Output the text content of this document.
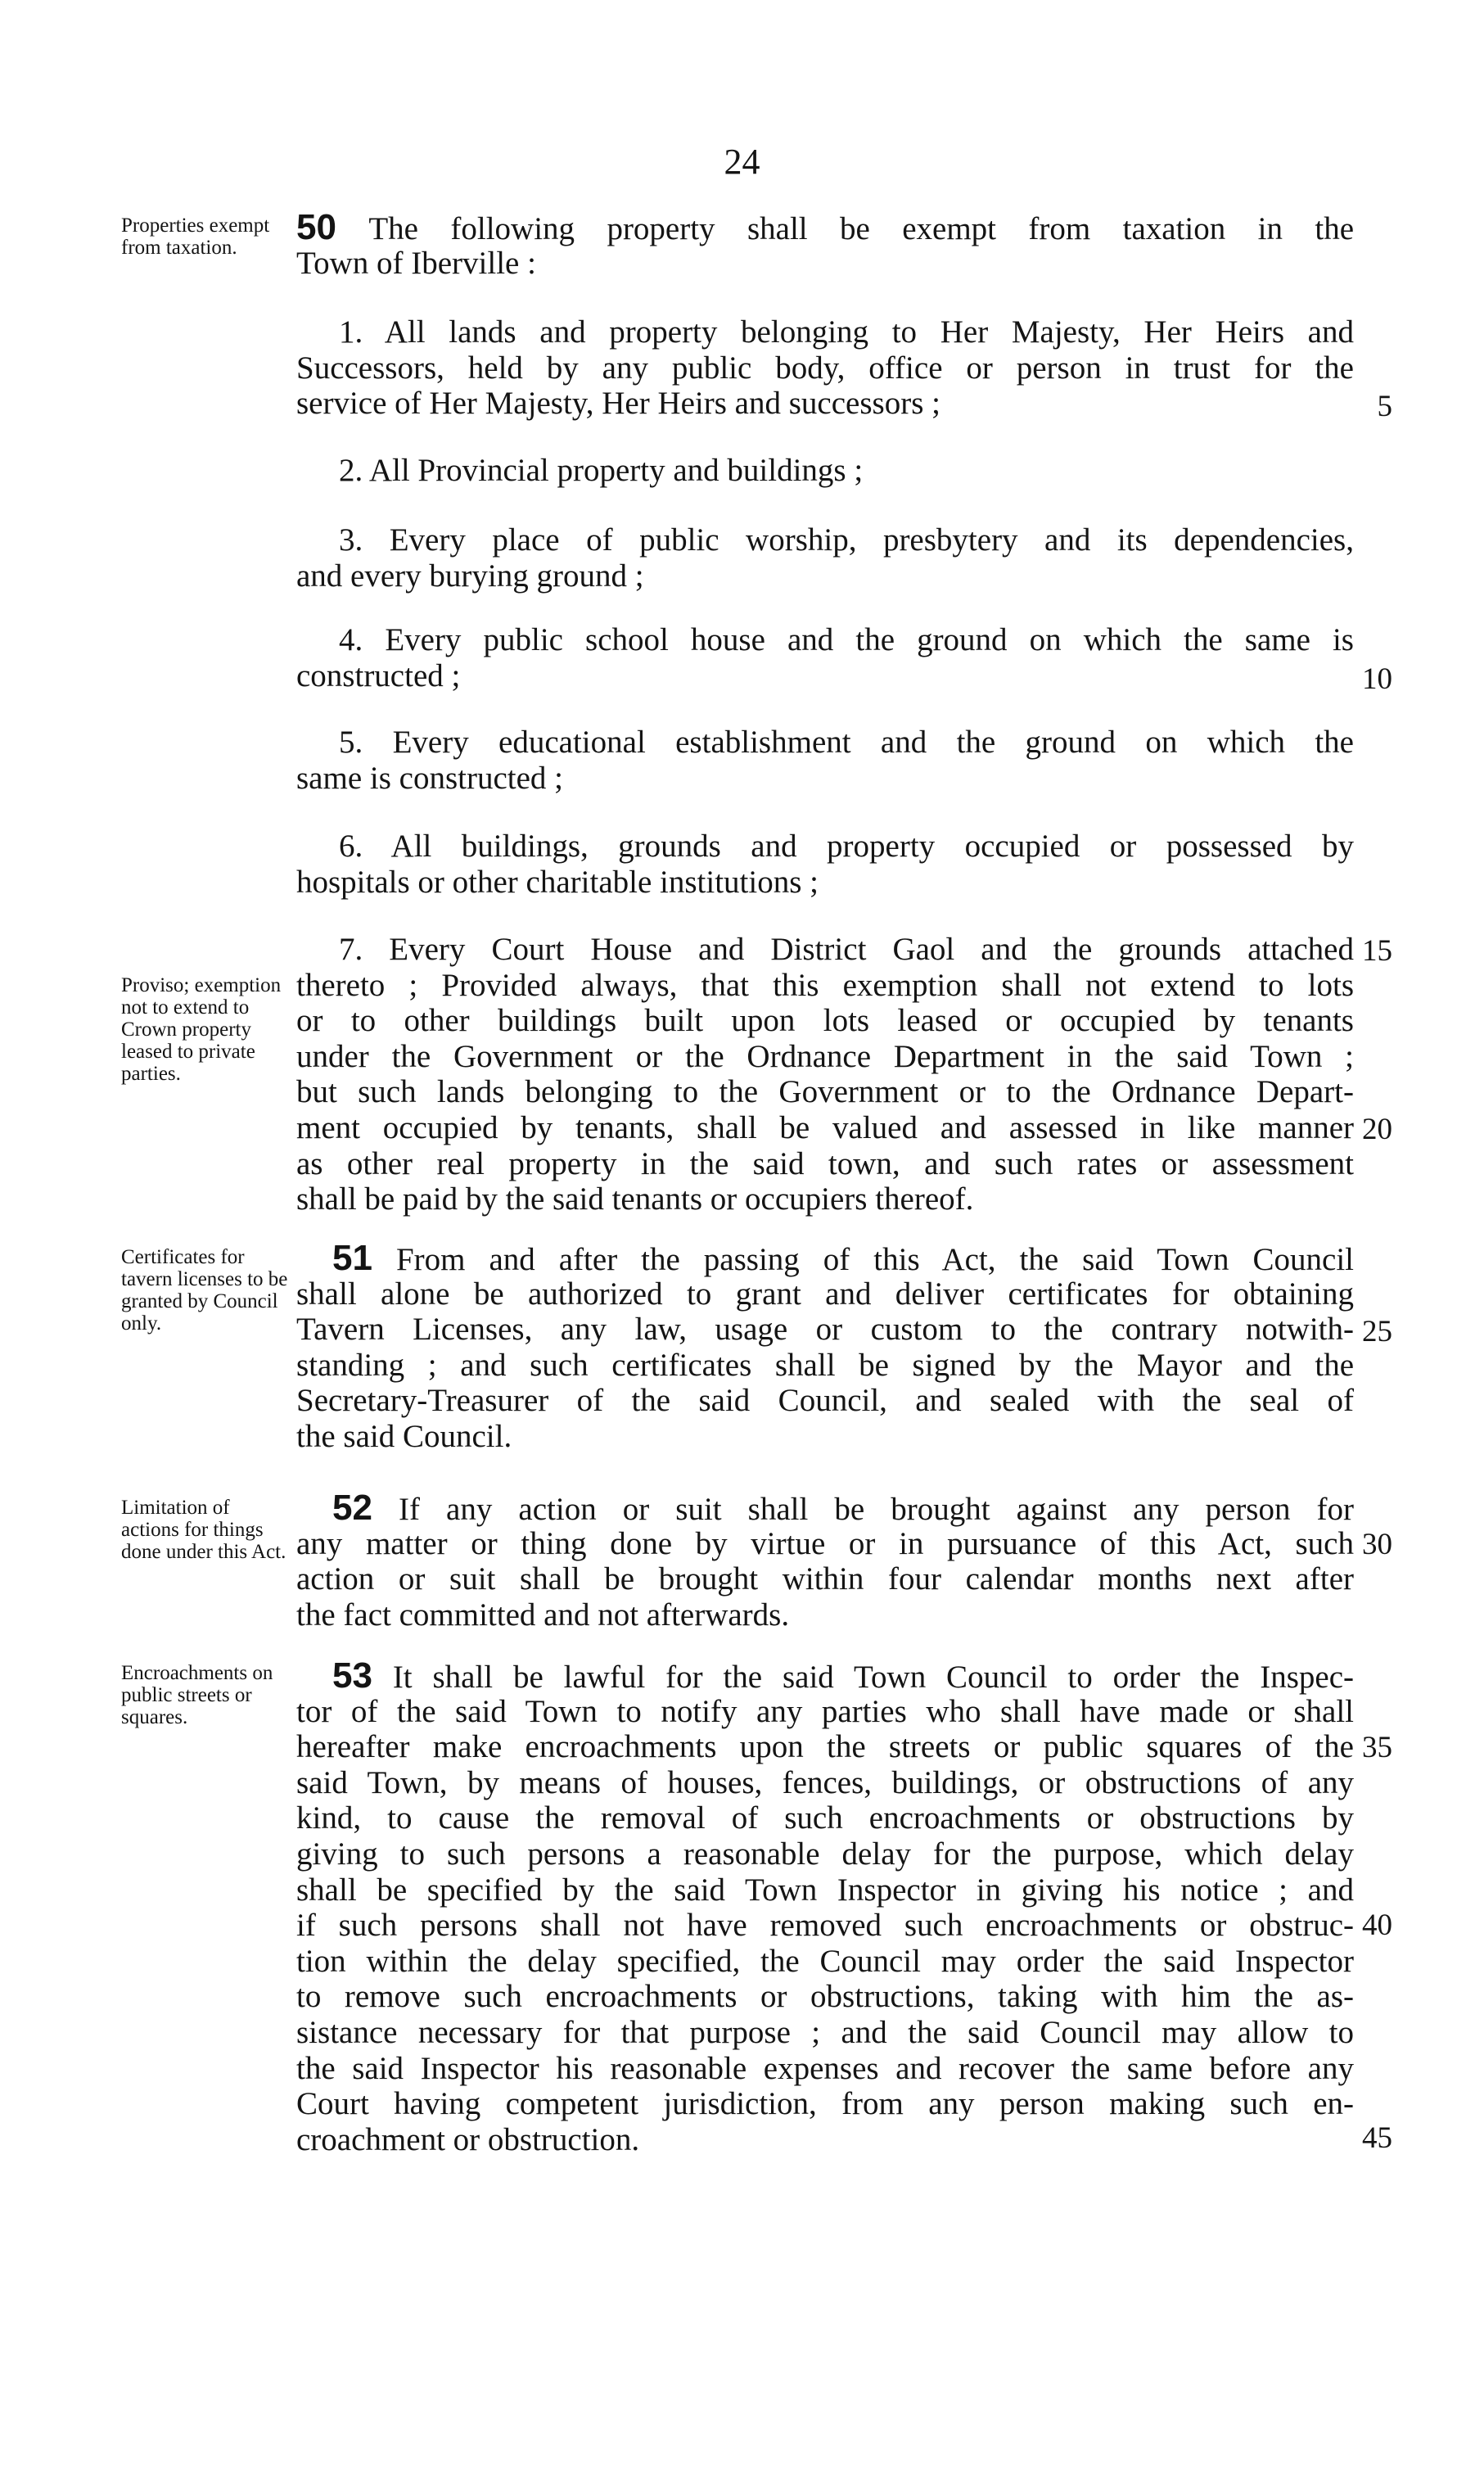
24
Properties exempt from taxation.
Proviso; exemption not to extend to Crown property leased to private parties.
Certificates for tavern licenses to be granted by Council only.
Limitation of actions for things done under this Act.
Encroachments on public streets or squares.
50 The following property shall be exempt from taxation in the
Town of Iberville :
1. All lands and property belonging to Her Majesty, Her Heirs and
Successors, held by any public body, office or person in trust for the
service of Her Majesty, Her Heirs and successors ;
2. All Provincial property and buildings ;
3. Every place of public worship, presbytery and its dependencies,
and every burying ground ;
4. Every public school house and the ground on which the same is
constructed ;
5. Every educational establishment and the ground on which the
same is constructed ;
6. All buildings, grounds and property occupied or possessed by
hospitals or other charitable institutions ;
7. Every Court House and District Gaol and the grounds attached
thereto ; Provided always, that this exemption shall not extend to lots
or to other buildings built upon lots leased or occupied by tenants
under the Government or the Ordnance Department in the said Town ;
but such lands belonging to the Government or to the Ordnance Depart-
ment occupied by tenants, shall be valued and assessed in like manner
as other real property in the said town, and such rates or assessment
shall be paid by the said tenants or occupiers thereof.
51 From and after the passing of this Act, the said Town Council
shall alone be authorized to grant and deliver certificates for obtaining
Tavern Licenses, any law, usage or custom to the contrary notwith-
standing ; and such certificates shall be signed by the Mayor and the
Secretary-Treasurer of the said Council, and sealed with the seal of
the said Council.
52 If any action or suit shall be brought against any person for
any matter or thing done by virtue or in pursuance of this Act, such
action or suit shall be brought within four calendar months next after
the fact committed and not afterwards.
53 It shall be lawful for the said Town Council to order the Inspec-
tor of the said Town to notify any parties who shall have made or shall
hereafter make encroachments upon the streets or public squares of the
said Town, by means of houses, fences, buildings, or obstructions of any
kind, to cause the removal of such encroachments or obstructions by
giving to such persons a reasonable delay for the purpose, which delay
shall be specified by the said Town Inspector in giving his notice ; and
if such persons shall not have removed such encroachments or obstruc-
tion within the delay specified, the Council may order the said Inspector
to remove such encroachments or obstructions, taking with him the as-
sistance necessary for that purpose ; and the said Council may allow to
the said Inspector his reasonable expenses and recover the same before any
Court having competent jurisdiction, from any person making such en-
croachment or obstruction.
5
10
15
20
25
30
35
40
45
